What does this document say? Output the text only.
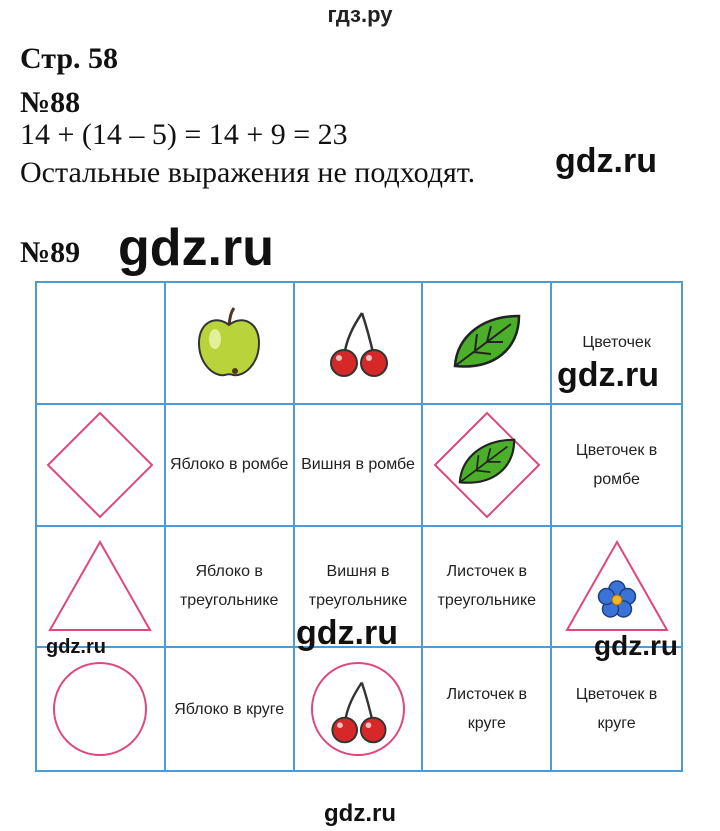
гдз.ру
Стр. 58
№88
14 + (14 – 5) = 14 + 9 = 23
Остальные выражения не подходят.
№89
gdz.ru
gdz.ru
Цветочек
Яблоко в ромбе Вишня в ромбе
Цветочек в ромбе
Яблоко в треугольнике
Вишня в треугольнике
Листочек в треугольнике
Яблоко в круге
Листочек в круге
Цветочек в круге
gdz.ru
gdz.ru	gdz.ru	gdz.ru
gdz.ru
